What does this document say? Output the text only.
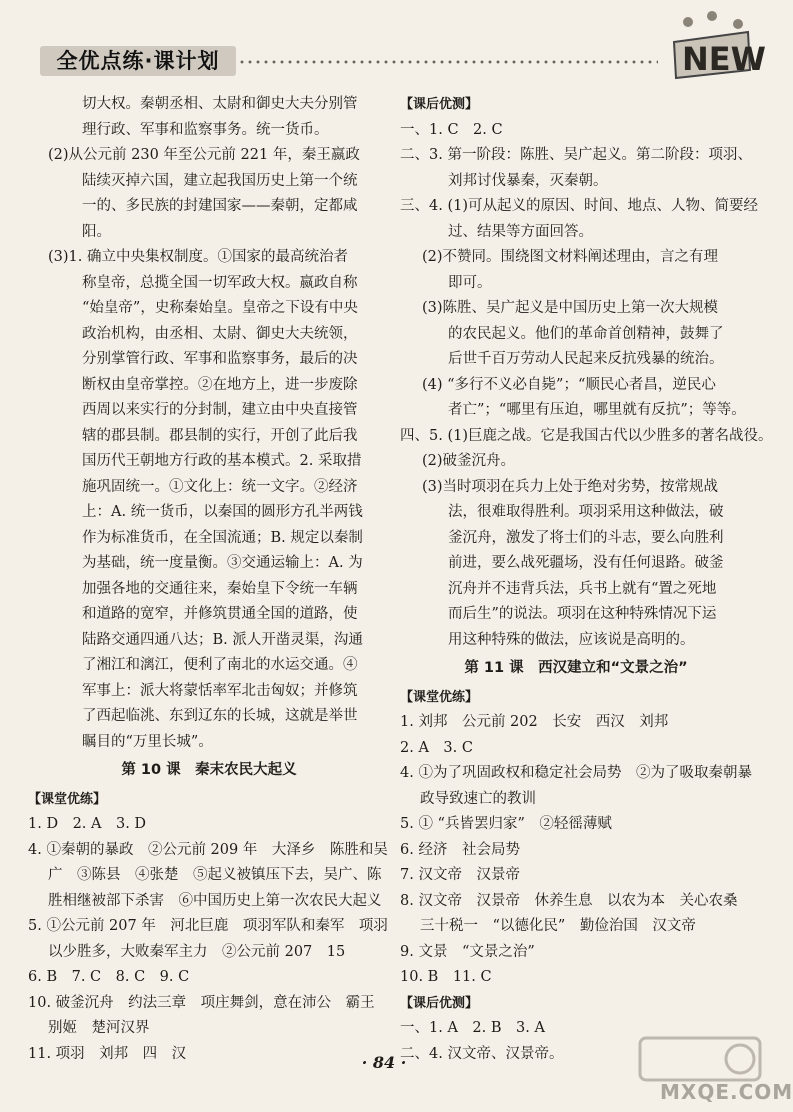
全优点练·课计划	NEW

切大权。秦朝丞相、太尉和御史大夫分别管

理行政、军事和监察事务。统一货币。

(2)从公元前 230 年至公元前 221 年，秦王嬴政

陆续灭掉六国，建立起我国历史上第一个统

一的、多民族的封建国家——秦朝，定都咸

阳。

(3)1. 确立中央集权制度。①国家的最高统治者

称皇帝，总揽全国一切军政大权。嬴政自称

“始皇帝”，史称秦始皇。皇帝之下设有中央

政治机构，由丞相、太尉、御史大夫统领，

分别掌管行政、军事和监察事务，最后的决

断权由皇帝掌控。②在地方上，进一步废除

西周以来实行的分封制，建立由中央直接管

辖的郡县制。郡县制的实行，开创了此后我

国历代王朝地方行政的基本模式。2. 采取措

施巩固统一。①文化上：统一文字。②经济

上：A. 统一货币，以秦国的圆形方孔半两钱

作为标准货币，在全国流通；B. 规定以秦制

为基础，统一度量衡。③交通运输上：A. 为

加强各地的交通往来，秦始皇下令统一车辆

和道路的宽窄，并修筑贯通全国的道路，使

陆路交通四通八达；B. 派人开凿灵渠，沟通

了湘江和漓江，便利了南北的水运交通。④

军事上：派大将蒙恬率军北击匈奴；并修筑

了西起临洮、东到辽东的长城，这就是举世

瞩目的“万里长城”。

第 10 课　秦末农民大起义

【课堂优练】

1. D　2. A　3. D

4. ①秦朝的暴政　②公元前 209 年　大泽乡　陈胜和吴

广　③陈县　④张楚　⑤起义被镇压下去，吴广、陈

胜相继被部下杀害　⑥中国历史上第一次农民大起义

5. ①公元前 207 年　河北巨鹿　项羽军队和秦军　项羽

以少胜多，大败秦军主力　②公元前 207　15

6. B　7. C　8. C　9. C

10. 破釜沉舟　约法三章　项庄舞剑，意在沛公　霸王

别姬　楚河汉界

11. 项羽　刘邦　四　汉

【课后优测】

一、1. C　2. C

二、3. 第一阶段：陈胜、吴广起义。第二阶段：项羽、

刘邦讨伐暴秦，灭秦朝。

三、4. (1)可从起义的原因、时间、地点、人物、简要经

过、结果等方面回答。

(2)不赞同。围绕图文材料阐述理由，言之有理

即可。

(3)陈胜、吴广起义是中国历史上第一次大规模

的农民起义。他们的革命首创精神，鼓舞了

后世千百万劳动人民起来反抗残暴的统治。

(4) “多行不义必自毙”；“顺民心者昌，逆民心

者亡”；“哪里有压迫，哪里就有反抗”；等等。

四、5. (1)巨鹿之战。它是我国古代以少胜多的著名战役。

(2)破釜沉舟。

(3)当时项羽在兵力上处于绝对劣势，按常规战

法，很难取得胜利。项羽采用这种做法，破

釜沉舟，激发了将士们的斗志，要么向胜利

前进，要么战死疆场，没有任何退路。破釜

沉舟并不违背兵法，兵书上就有“置之死地

而后生”的说法。项羽在这种特殊情况下运

用这种特殊的做法，应该说是高明的。

第 11 课　西汉建立和“文景之治”

【课堂优练】

1. 刘邦　公元前 202　长安　西汉　刘邦

2. A　3. C

4. ①为了巩固政权和稳定社会局势　②为了吸取秦朝暴

政导致速亡的教训

5. ① “兵皆罢归家”　②轻徭薄赋

6. 经济　社会局势

7. 汉文帝　汉景帝

8. 汉文帝　汉景帝　休养生息　以农为本　关心农桑

三十税一　“以德化民”　勤俭治国　汉文帝

9. 文景　“文景之治”

10. B　11. C

【课后优测】

一、1. A　2. B　3. A

二、4. 汉文帝、汉景帝。

· 84 ·
MXQE.COM
